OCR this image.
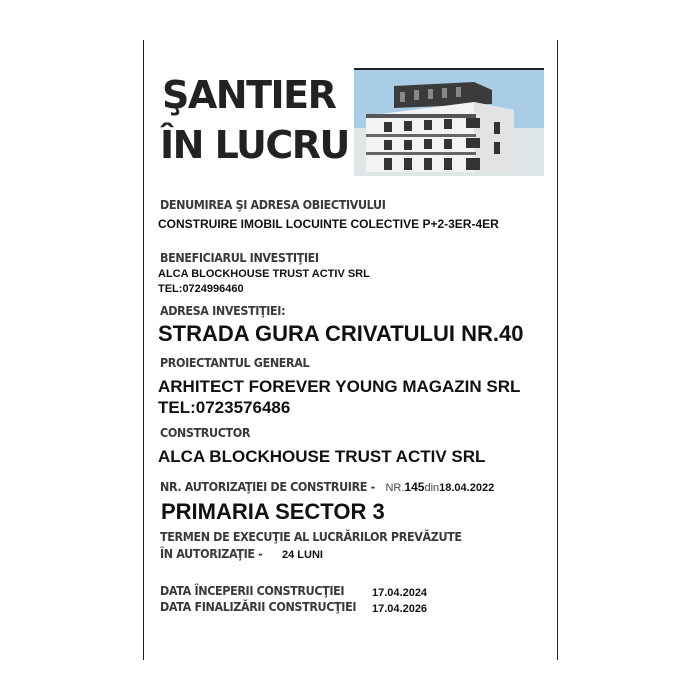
ŞANTIER
ÎN LUCRU
DENUMIREA ŞI ADRESA OBIECTIVULUI
CONSTRUIRE IMOBIL LOCUINTE COLECTIVE P+2-3ER-4ER
BENEFICIARUL INVESTIŢIEI
ALCA BLOCKHOUSE TRUST ACTIV SRL
TEL:0724996460
ADRESA INVESTIŢIEI:
STRADA GURA CRIVATULUI NR.40
PROIECTANTUL GENERAL
ARHITECT FOREVER YOUNG MAGAZIN SRL
TEL:0723576486
CONSTRUCTOR
ALCA BLOCKHOUSE TRUST ACTIV SRL
NR. AUTORIZAŢIEI DE CONSTRUIRE - NR.145din18.04.2022
PRIMARIA SECTOR 3
TERMEN DE EXECUŢIE AL LUCRĂRILOR PREVĂZUTE
ÎN AUTORIZAŢIE - 24 LUNI
DATA ÎNCEPERII CONSTRUCŢIEI	17.04.2024
DATA FINALIZĂRII CONSTRUCŢIEI 17.04.2026
